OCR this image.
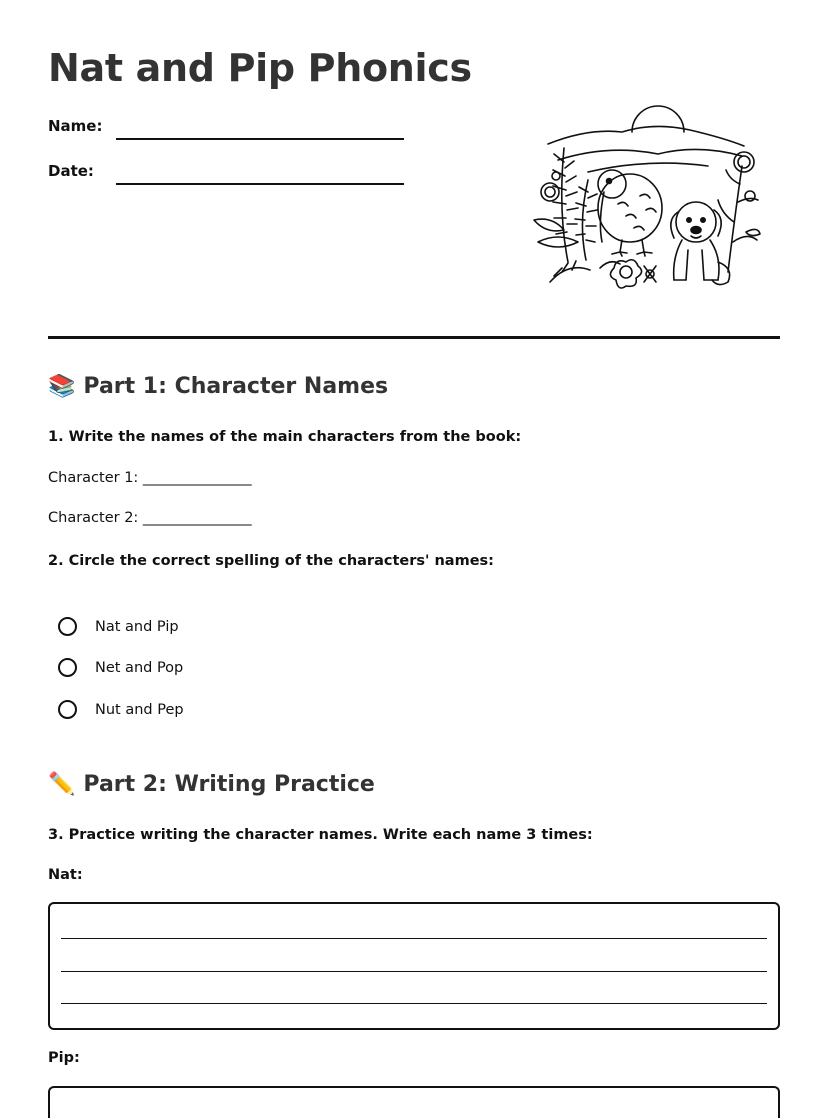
Nat and Pip Phonics
Name:
Date:
📚 Part 1: Character Names
1. Write the names of the main characters from the book:
Character 1: _______________
Character 2: _______________
2. Circle the correct spelling of the characters' names:
Nat and Pip
Net and Pop
Nut and Pep
✏️ Part 2: Writing Practice
3. Practice writing the character names. Write each name 3 times:
Nat:
Pip:
